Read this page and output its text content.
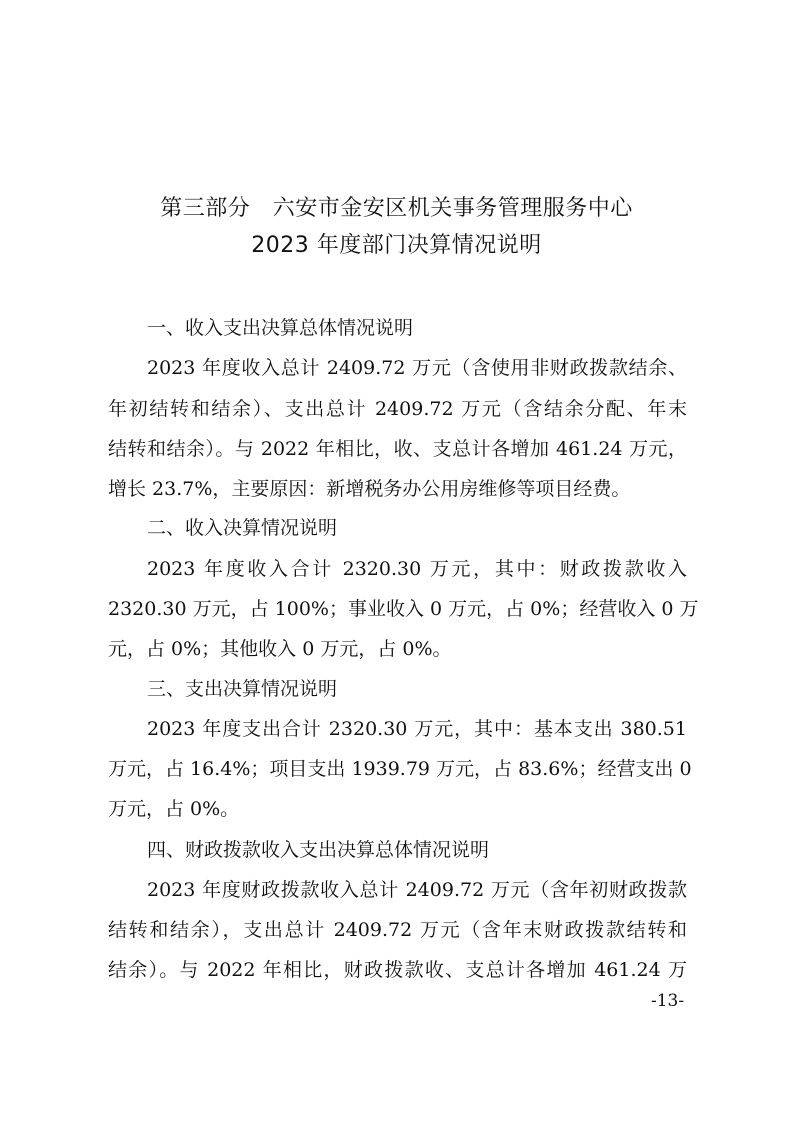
第三部分　六安市金安区机关事务管理服务中心
2023 年度部门决算情况说明
一、收入支出决算总体情况说明
2023 年度收入总计 2409.72 万元（含使用非财政拨款结余、
年初结转和结余）、支出总计 2409.72 万元（含结余分配、年末
结转和结余）。与 2022 年相比，收、支总计各增加 461.24 万元，
增长 23.7%，主要原因：新增税务办公用房维修等项目经费。
二、收入决算情况说明
2023 年度收入合计 2320.30 万元，其中：财政拨款收入
2320.30 万元，占 100%；事业收入 0 万元，占 0%；经营收入 0 万
元，占 0%；其他收入 0 万元，占 0%。
三、支出决算情况说明
2023 年度支出合计 2320.30 万元，其中：基本支出 380.51
万元，占 16.4%；项目支出 1939.79 万元，占 83.6%；经营支出 0
万元，占 0%。
四、财政拨款收入支出决算总体情况说明
2023 年度财政拨款收入总计 2409.72 万元（含年初财政拨款
结转和结余），支出总计 2409.72 万元（含年末财政拨款结转和
结余）。与 2022 年相比，财政拨款收、支总计各增加 461.24 万
-13-
